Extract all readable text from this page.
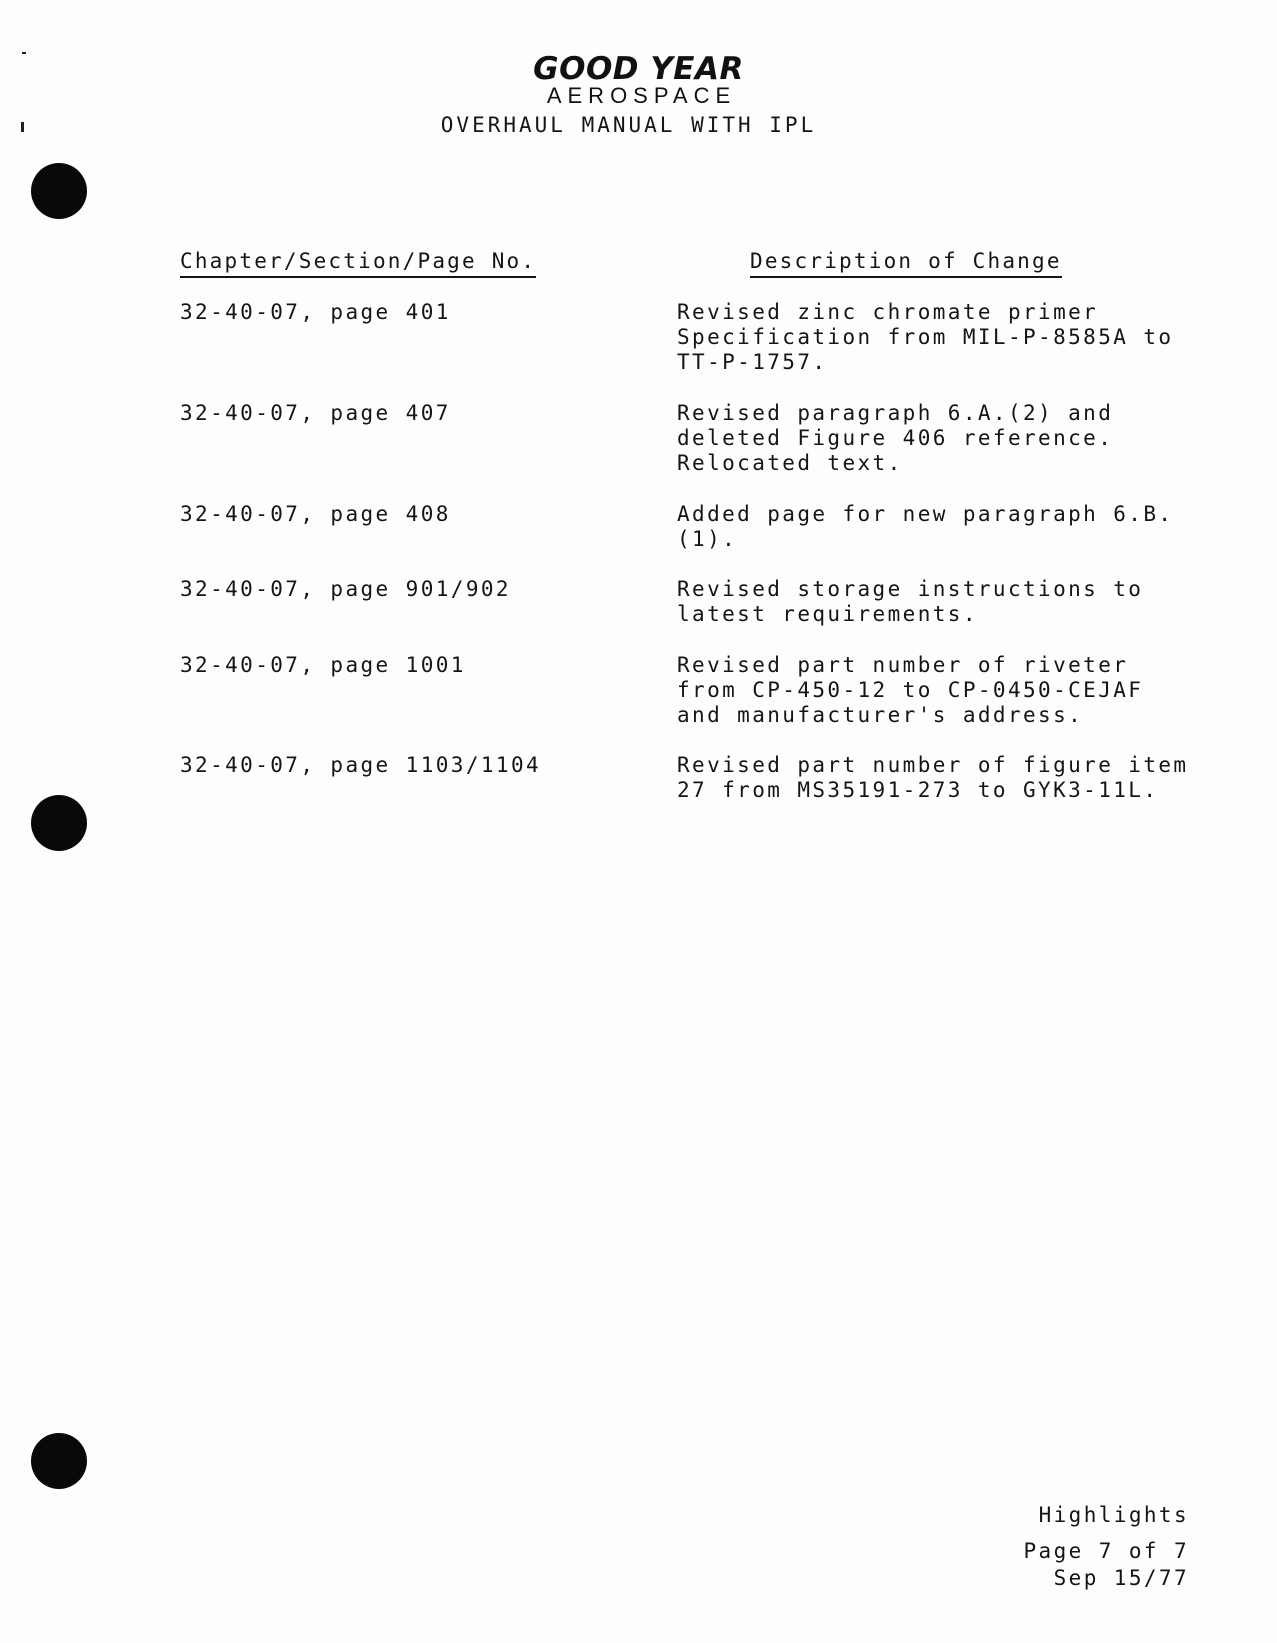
GOOD YEAR
AEROSPACE
OVERHAUL MANUAL WITH IPL
Chapter/Section/Page No.	Description of Change
32-40-07, page 401	Revised zinc chromate primer
Specification from MIL-P-8585A to
TT-P-1757.
32-40-07, page 407	Revised paragraph 6.A.(2) and
deleted Figure 406 reference.
Relocated text.
32-40-07, page 408	Added page for new paragraph 6.B.
(1).
32-40-07, page 901/902	Revised storage instructions to
latest requirements.
32-40-07, page 1001	Revised part number of riveter
from CP-450-12 to CP-0450-CEJAF
and manufacturer's address.
32-40-07, page 1103/1104	Revised part number of figure item
27 from MS35191-273 to GYK3-11L.
Highlights
Page 7 of 7
Sep 15/77
